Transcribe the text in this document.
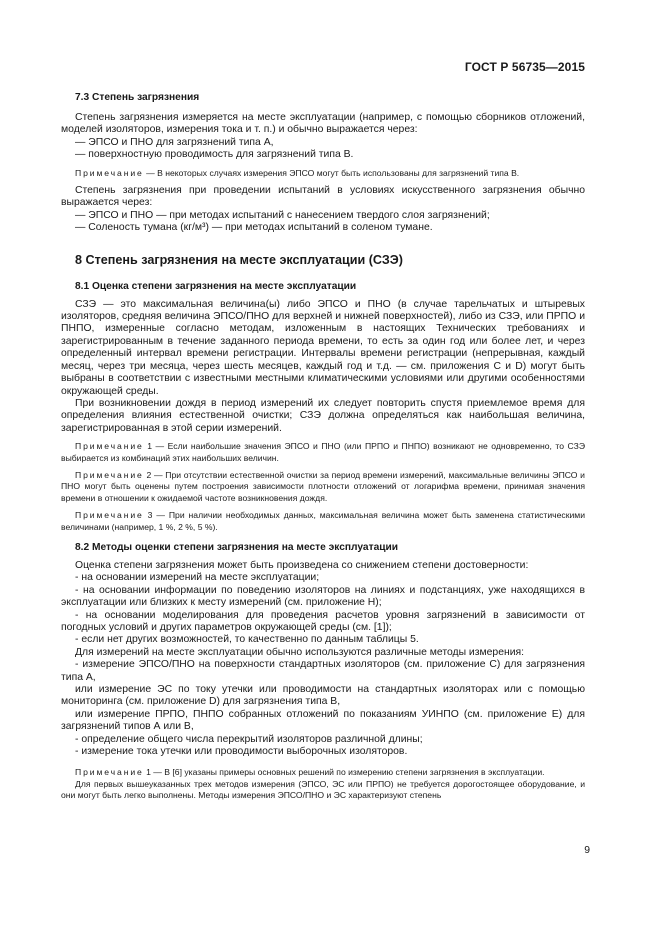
ГОСТ Р 56735—2015

7.3 Степень загрязнения

Степень загрязнения измеряется на месте эксплуатации (например, с помощью сборников отложений, моделей изоляторов, измерения тока и т. п.) и обычно выражается через:

— ЭПСО и ПНО для загрязнений типа А,

— поверхностную проводимость для загрязнений типа В.

Примечание — В некоторых случаях измерения ЭПСО могут быть использованы для загрязнений типа В.

Степень загрязнения при проведении испытаний в условиях искусственного загрязнения обычно выражается через:

— ЭПСО и ПНО — при методах испытаний с нанесением твердого слоя загрязнений;

— Соленость тумана (кг/м³) — при методах испытаний в соленом тумане.

8 Степень загрязнения на месте эксплуатации (СЗЭ)

8.1 Оценка степени загрязнения на месте эксплуатации

СЗЭ — это максимальная величина(ы) либо ЭПСО и ПНО (в случае тарельчатых и штыревых изоляторов, средняя величина ЭПСО/ПНО для верхней и нижней поверхностей), либо из СЗЭ, или ПРПО и ПНПО, измеренные согласно методам, изложенным в настоящих Технических требованиях и зарегистрированным в течение заданного периода времени, то есть за один год или более лет, и через определенный интервал времени регистрации. Интервалы времени регистрации (непрерывная, каждый месяц, через три месяца, через шесть месяцев, каждый год и т.д. — см. приложения С и D) могут быть выбраны в соответствии с известными местными климатическими условиями или другими особенностями окружающей среды.

При возникновении дождя в период измерений их следует повторить спустя приемлемое время для определения влияния естественной очистки; СЗЭ должна определяться как наибольшая величина, зарегистрированная в этой серии измерений.

Примечание 1 — Если наибольшие значения ЭПСО и ПНО (или ПРПО и ПНПО) возникают не одновременно, то СЗЭ выбирается из комбинаций этих наибольших величин.

Примечание 2 — При отсутствии естественной очистки за период времени измерений, максимальные величины ЭПСО и ПНО могут быть оценены путем построения зависимости плотности отложений от логарифма времени, принимая значения времени в отношении к ожидаемой частоте возникновения дождя.

Примечание 3 — При наличии необходимых данных, максимальная величина может быть заменена статистическими величинами (например, 1 %, 2 %, 5 %).

8.2 Методы оценки степени загрязнения на месте эксплуатации

Оценка степени загрязнения может быть произведена со снижением степени достоверности:

- на основании измерений на месте эксплуатации;

- на основании информации по поведению изоляторов на линиях и подстанциях, уже находящихся в эксплуатации или близких к месту измерений (см. приложение Н);

- на основании моделирования для проведения расчетов уровня загрязнений в зависимости от погодных условий и других параметров окружающей среды (см. [1]);

- если нет других возможностей, то качественно по данным таблицы 5.

Для измерений на месте эксплуатации обычно используются различные методы измерения:

- измерение ЭПСО/ПНО на поверхности стандартных изоляторов (см. приложение С) для загрязнения типа А,

или измерение ЭС по току утечки или проводимости на стандартных изоляторах или с помощью мониторинга (см. приложение D) для загрязнения типа В,

или измерение ПРПО, ПНПО собранных отложений по показаниям УИНПО (см. приложение Е) для загрязнений типов А или В,

- определение общего числа перекрытий изоляторов различной длины;

- измерение тока утечки или проводимости выборочных изоляторов.

Примечание 1 — В [6] указаны примеры основных решений по измерению степени загрязнения в эксплуатации.

Для первых вышеуказанных трех методов измерения (ЭПСО, ЭС или ПРПО) не требуется дорогостоящее оборудование, и они могут быть легко выполнены. Методы измерения ЭПСО/ПНО и ЭС характеризуют степень

9
